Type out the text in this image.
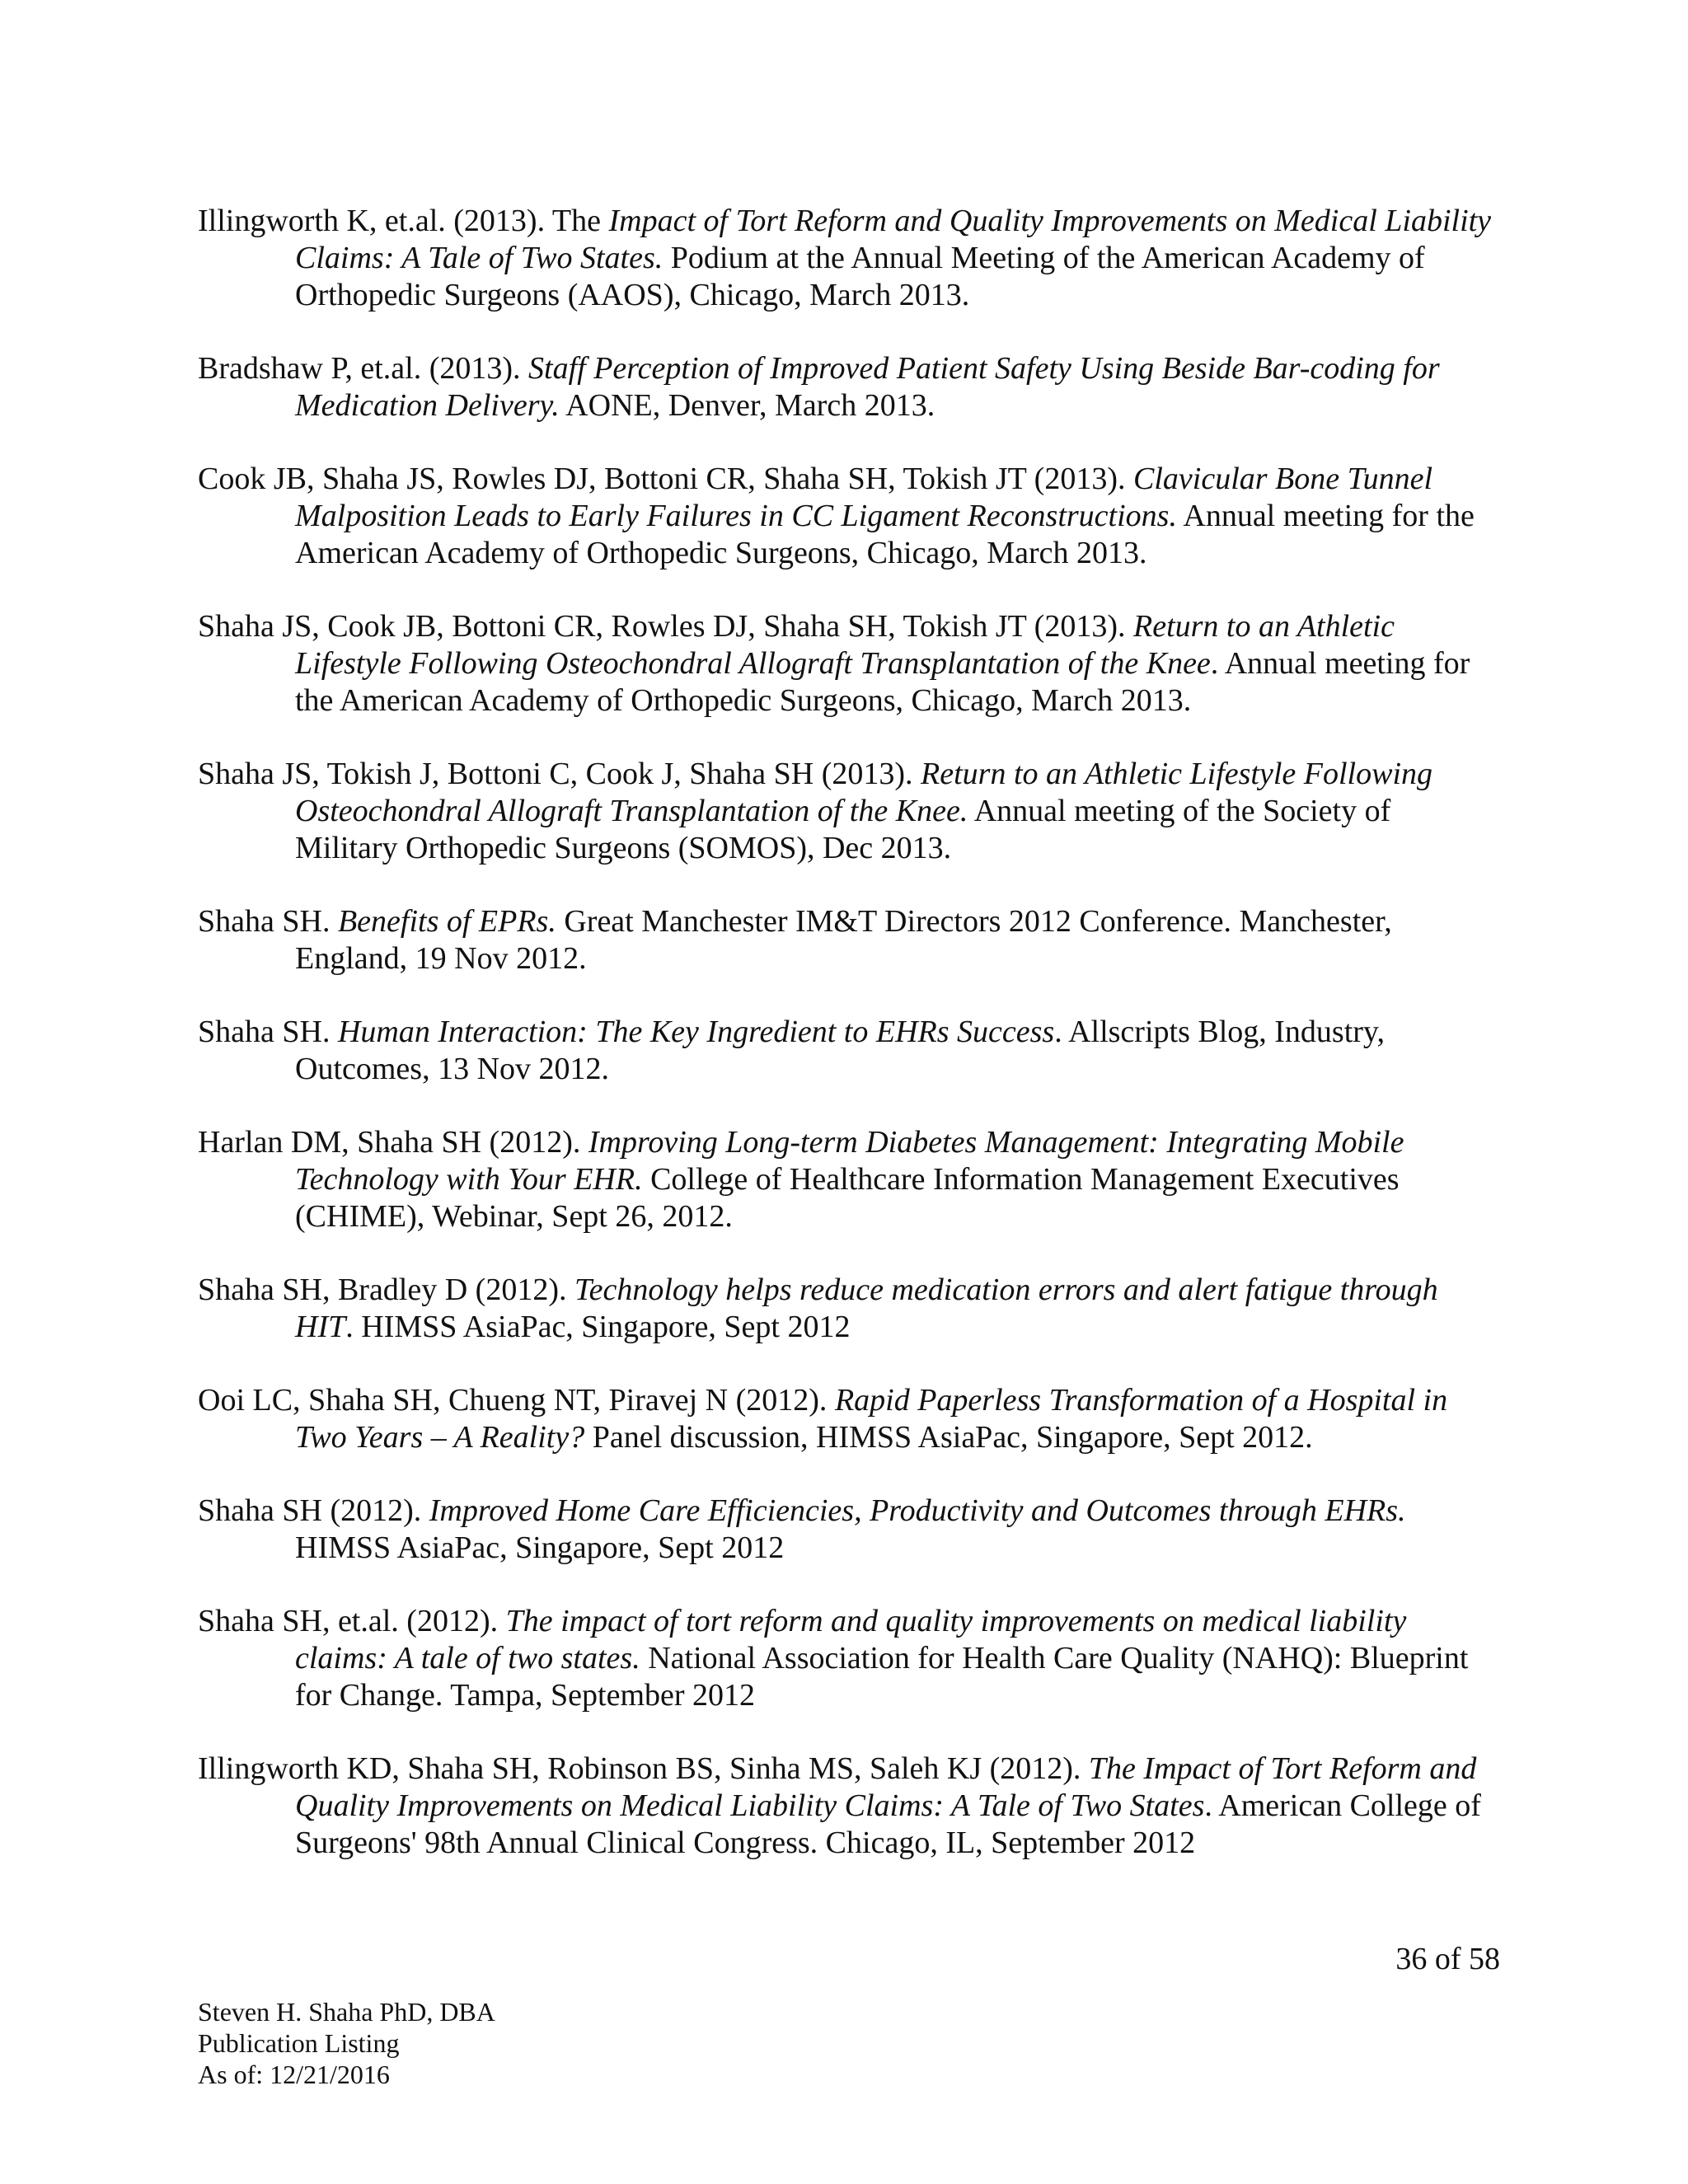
Illingworth K, et.al. (2013). The Impact of Tort Reform and Quality Improvements on Medical Liability Claims: A Tale of Two States. Podium at the Annual Meeting of the American Academy of Orthopedic Surgeons (AAOS), Chicago, March 2013.

Bradshaw P, et.al. (2013). Staff Perception of Improved Patient Safety Using Beside Bar-coding for Medication Delivery. AONE, Denver, March 2013.

Cook JB, Shaha JS, Rowles DJ, Bottoni CR, Shaha SH, Tokish JT (2013). Clavicular Bone Tunnel Malposition Leads to Early Failures in CC Ligament Reconstructions. Annual meeting for the American Academy of Orthopedic Surgeons, Chicago, March 2013.

Shaha JS, Cook JB, Bottoni CR, Rowles DJ, Shaha SH, Tokish JT (2013). Return to an Athletic Lifestyle Following Osteochondral Allograft Transplantation of the Knee. Annual meeting for the American Academy of Orthopedic Surgeons, Chicago, March 2013.

Shaha JS, Tokish J, Bottoni C, Cook J, Shaha SH (2013). Return to an Athletic Lifestyle Following Osteochondral Allograft Transplantation of the Knee. Annual meeting of the Society of Military Orthopedic Surgeons (SOMOS), Dec 2013.

Shaha SH. Benefits of EPRs. Great Manchester IM&T Directors 2012 Conference. Manchester, England, 19 Nov 2012.

Shaha SH. Human Interaction: The Key Ingredient to EHRs Success. Allscripts Blog, Industry, Outcomes, 13 Nov 2012.

Harlan DM, Shaha SH (2012). Improving Long-term Diabetes Management: Integrating Mobile Technology with Your EHR. College of Healthcare Information Management Executives (CHIME), Webinar, Sept 26, 2012.

Shaha SH, Bradley D (2012). Technology helps reduce medication errors and alert fatigue through HIT. HIMSS AsiaPac, Singapore, Sept 2012

Ooi LC, Shaha SH, Chueng NT, Piravej N (2012). Rapid Paperless Transformation of a Hospital in Two Years – A Reality? Panel discussion, HIMSS AsiaPac, Singapore, Sept 2012.

Shaha SH (2012). Improved Home Care Efficiencies, Productivity and Outcomes through EHRs. HIMSS AsiaPac, Singapore, Sept 2012

Shaha SH, et.al. (2012). The impact of tort reform and quality improvements on medical liability claims: A tale of two states. National Association for Health Care Quality (NAHQ): Blueprint for Change. Tampa, September 2012

Illingworth KD, Shaha SH, Robinson BS, Sinha MS, Saleh KJ (2012). The Impact of Tort Reform and Quality Improvements on Medical Liability Claims: A Tale of Two States. American College of Surgeons' 98th Annual Clinical Congress. Chicago, IL, September 2012

36 of 58
Steven H. Shaha PhD, DBA
Publication Listing
As of: 12/21/2016
